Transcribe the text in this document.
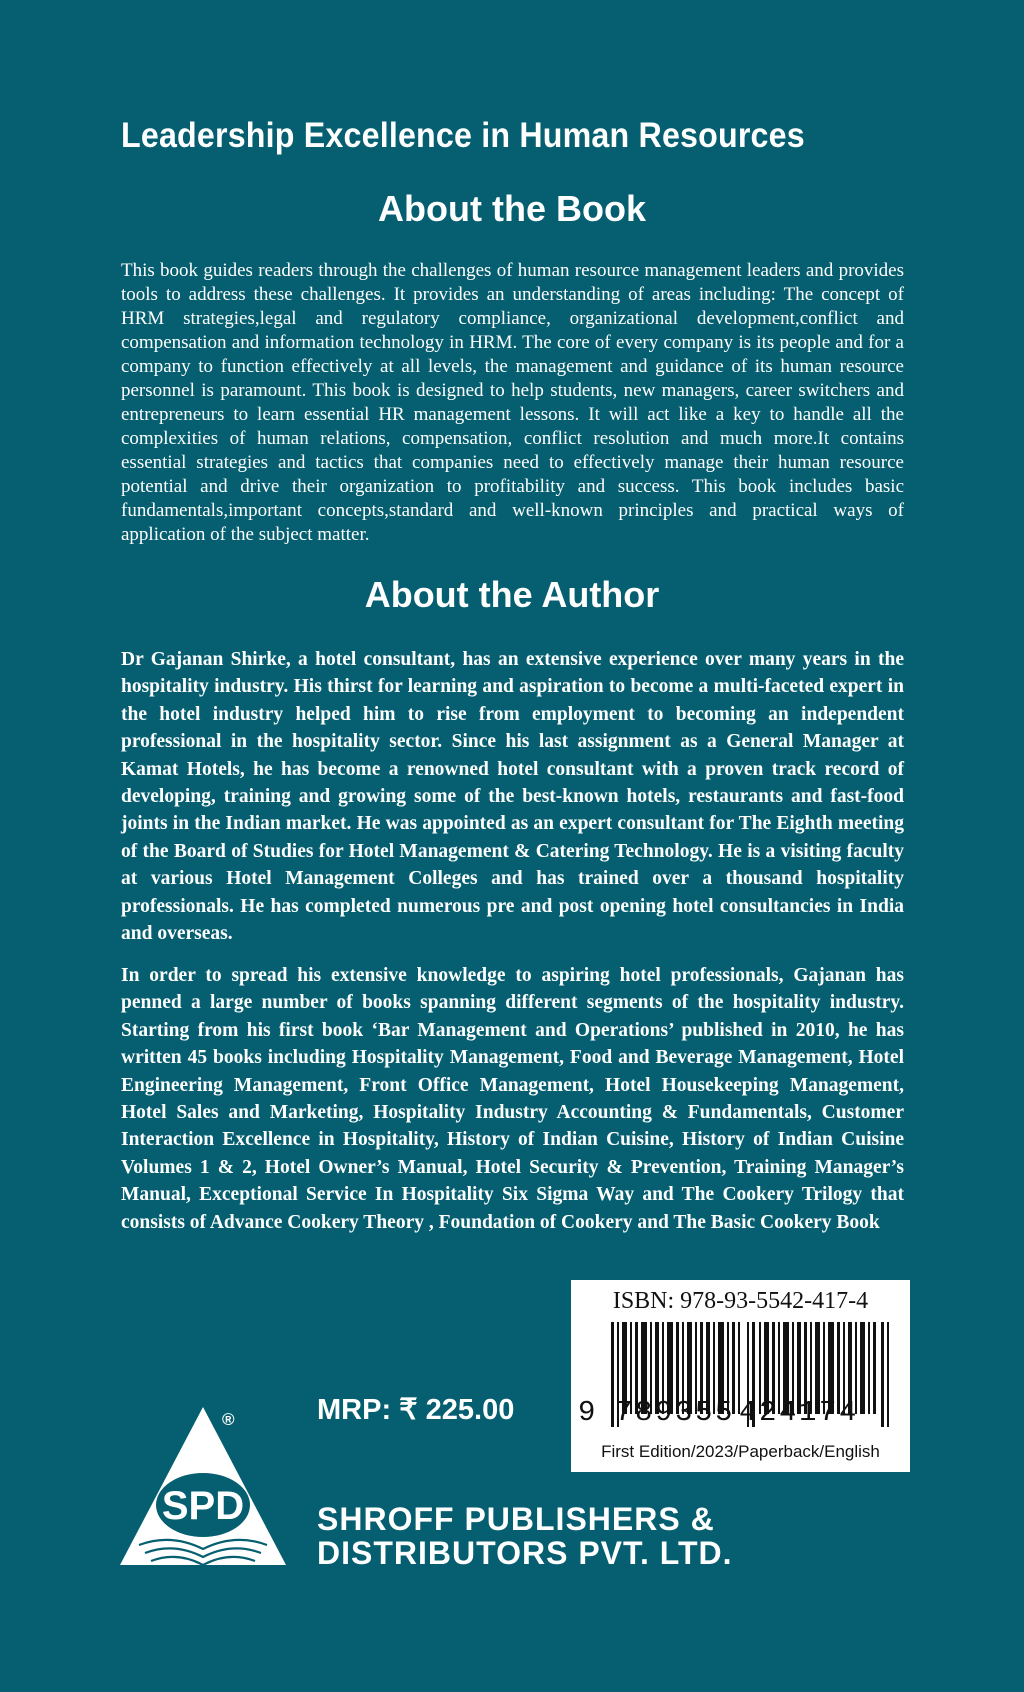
Leadership Excellence in Human Resources
About the Book

This book guides readers through the challenges of human resource management leaders and provides tools to address these challenges. It provides an understanding of areas including: The concept of HRM strategies,legal and regulatory compliance, organizational development,conflict and compensation and information technology in HRM. The core of every company is its people and for a company to function effectively at all levels, the management and guidance of its human resource personnel is paramount. This book is designed to help students, new managers, career switchers and entrepreneurs to learn essential HR management lessons. It will act like a key to handle all the complexities of human relations, compensation, conflict resolution and much more.It contains essential strategies and tactics that companies need to effectively manage their human resource potential and drive their organization to profitability and success. This book includes basic fundamentals,important concepts,standard and well-known principles and practical ways of application of the subject matter.

About the Author

Dr Gajanan Shirke, a hotel consultant, has an extensive experience over many years in the hospitality industry. His thirst for learning and aspiration to become a multi-faceted expert in the hotel industry helped him to rise from employment to becoming an independent professional in the hospitality sector. Since his last assignment as a General Manager at Kamat Hotels, he has become a renowned hotel consultant with a proven track record of developing, training and growing some of the best-known hotels, restaurants and fast-food joints in the Indian market. He was appointed as an expert consultant for The Eighth meeting of the Board of Studies for Hotel Management & Catering Technology. He is a visiting faculty at various Hotel Management Colleges and has trained over a thousand hospitality professionals. He has completed numerous pre and post opening hotel consultancies in India and overseas.

In order to spread his extensive knowledge to aspiring hotel professionals, Gajanan has penned a large number of books spanning different segments of the hospitality industry. Starting from his first book ‘Bar Management and Operations’ published in 2010, he has written 45 books including Hospitality Management, Food and Beverage Management, Hotel Engineering Management, Front Office Management, Hotel Housekeeping Management, Hotel Sales and Marketing, Hospitality Industry Accounting & Fundamentals, Customer Interaction Excellence in Hospitality, History of Indian Cuisine, History of Indian Cuisine Volumes 1 & 2, Hotel Owner’s Manual, Hotel Security & Prevention, Training Manager’s Manual, Exceptional Service In Hospitality Six Sigma Way and The Cookery Trilogy that consists of Advance Cookery Theory , Foundation of Cookery and The Basic Cookery Book

ISBN: 978-93-5542-417-4
9 789355 424174
First Edition/2023/Paperback/English
MRP: ₹ 225.00
SPD
®
SHROFF PUBLISHERS &
DISTRIBUTORS PVT. LTD.
